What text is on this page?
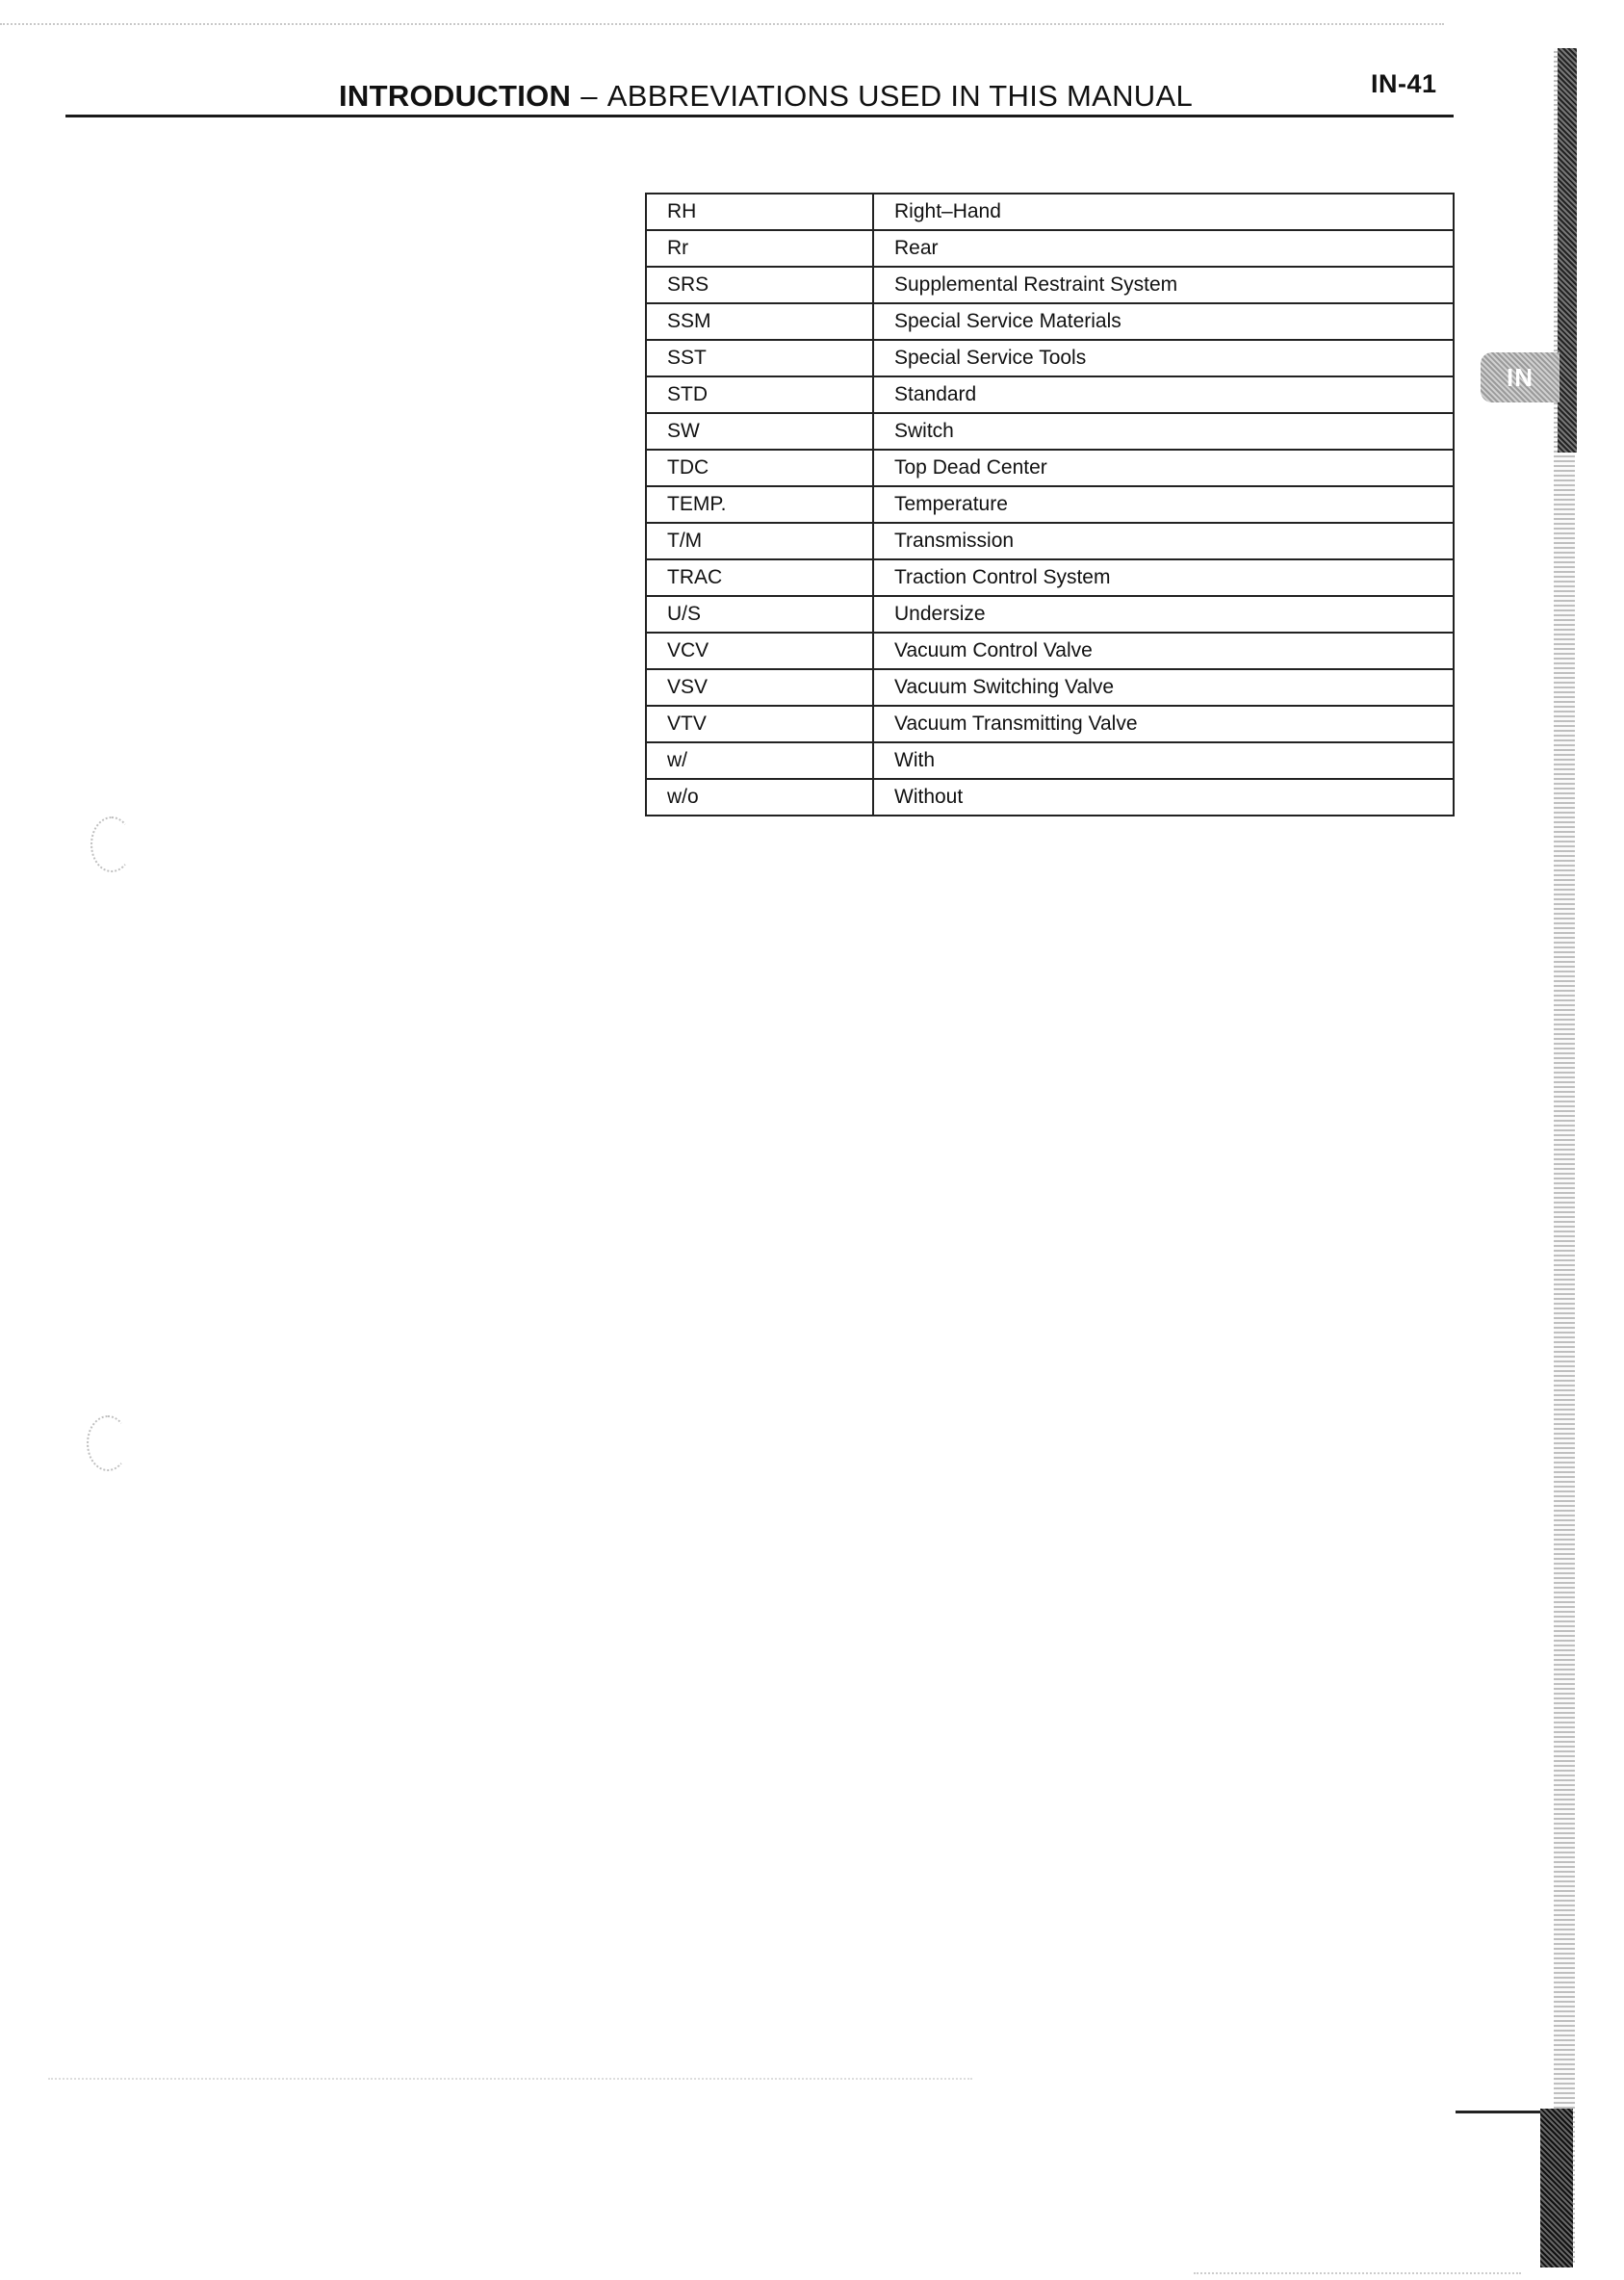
INTRODUCTION – ABBREVIATIONS USED IN THIS MANUAL	IN-41
RH	Right–Hand
Rr	Rear
SRS	Supplemental Restraint System
SSM	Special Service Materials
SST	Special Service Tools
STD	Standard
SW	Switch
TDC	Top Dead Center
TEMP.	Temperature
T/M	Transmission
TRAC	Traction Control System
U/S	Undersize
VCV	Vacuum Control Valve
VSV	Vacuum Switching Valve
VTV	Vacuum Transmitting Valve
w/	With
w/o	Without
IN
